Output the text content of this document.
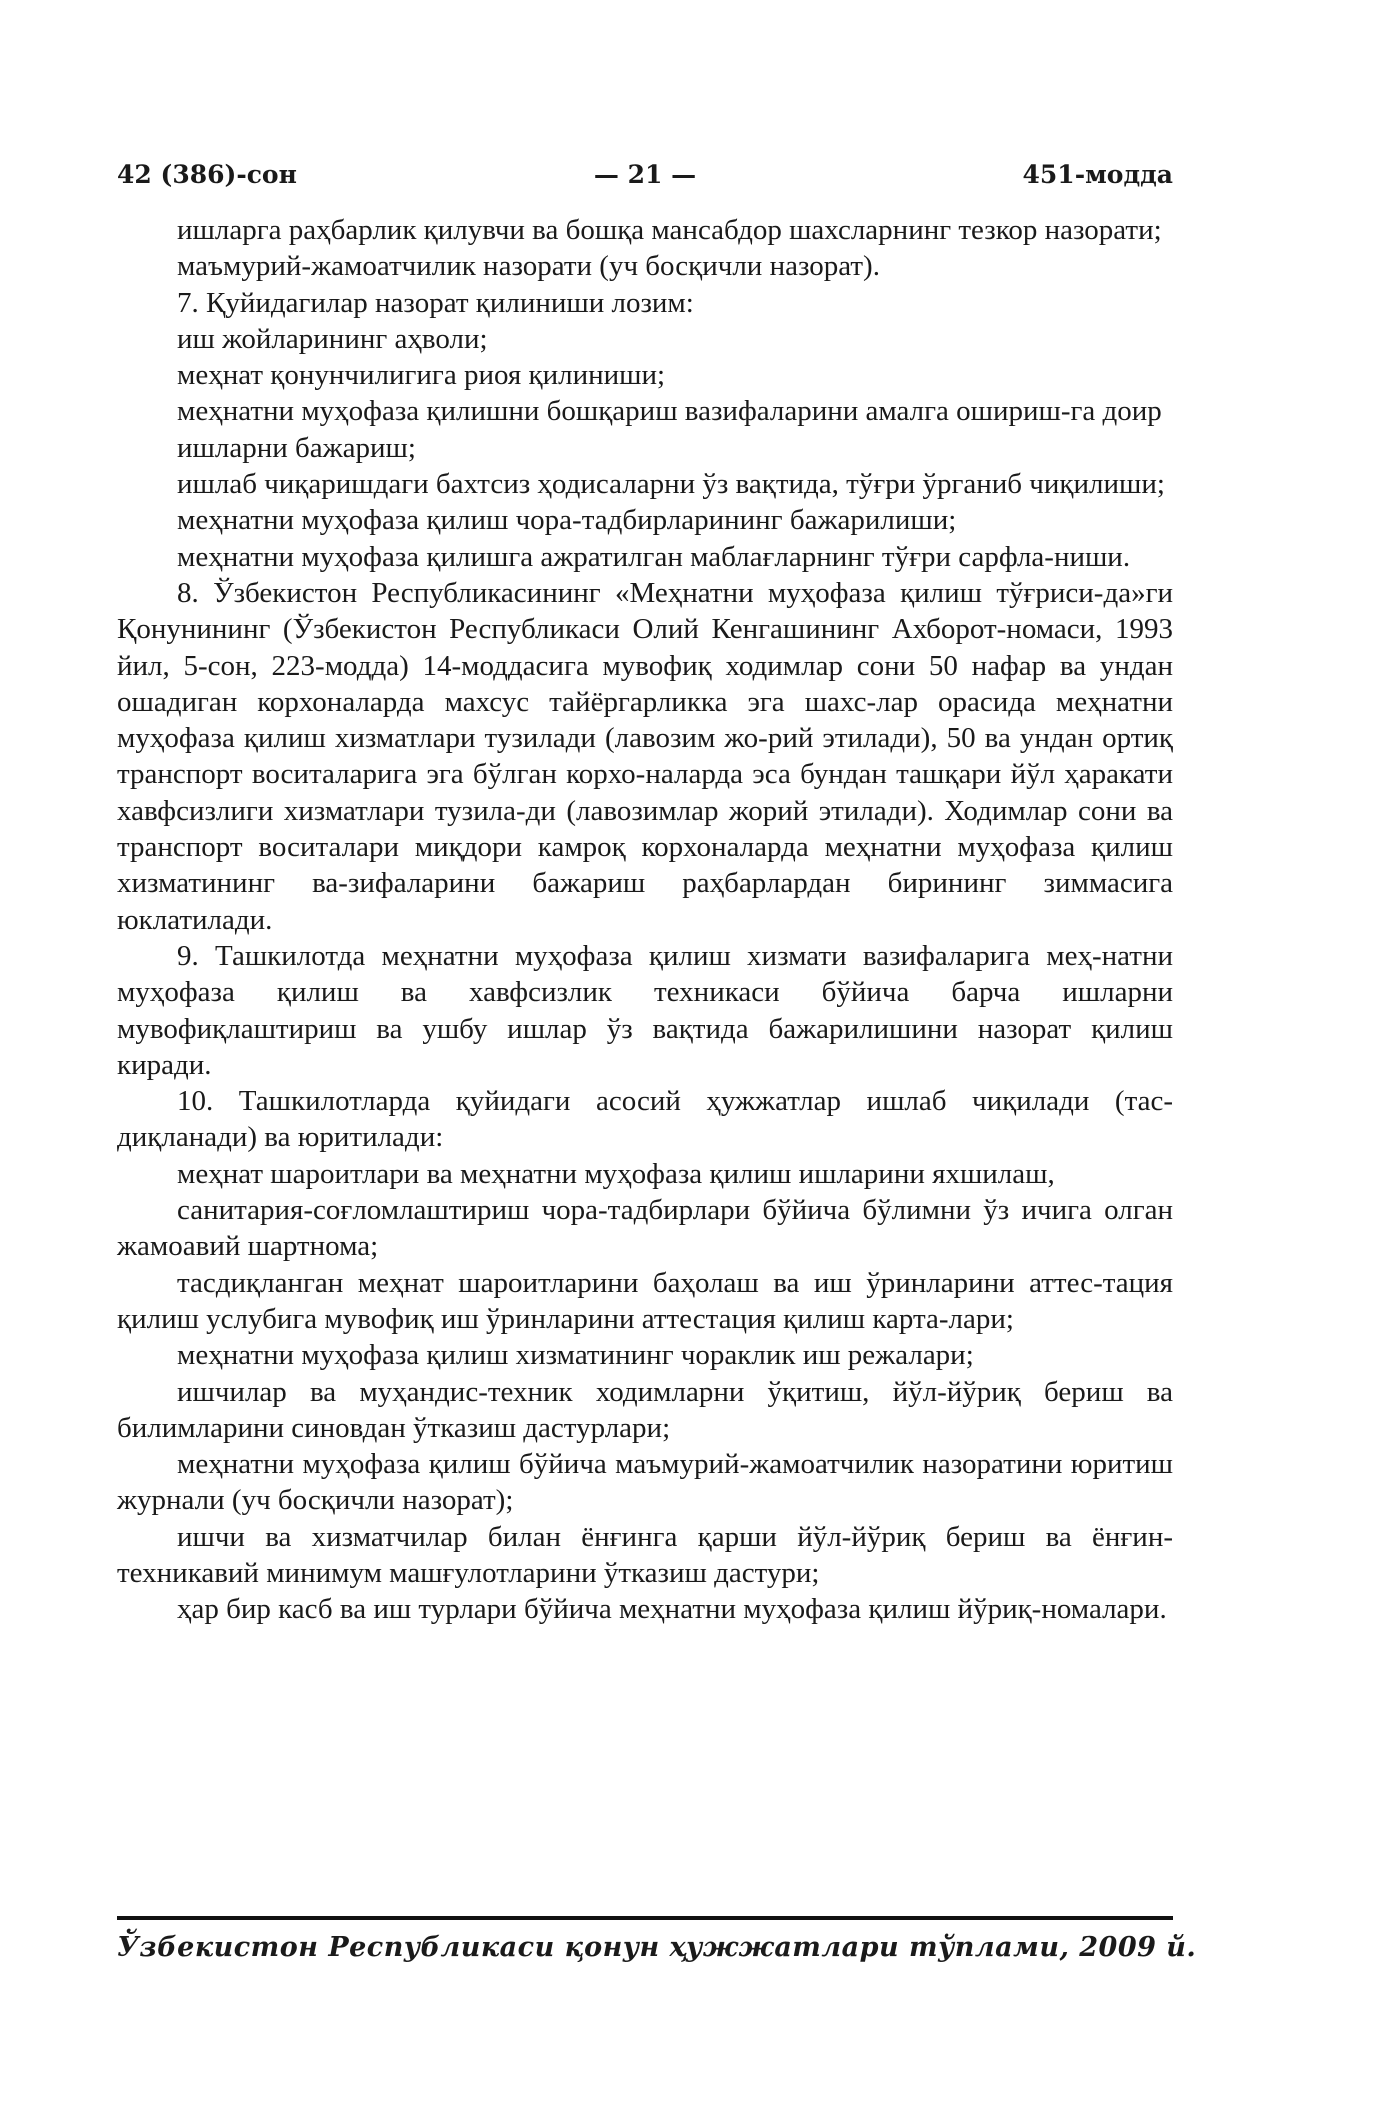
42 (386)-сон	— 21 —	451-модда

ишларга раҳбарлик қилувчи ва бошқа мансабдор шахсларнинг тезкор назорати;

маъмурий-жамоатчилик назорати (уч босқичли назорат).

7. Қуйидагилар назорат қилиниши лозим:

иш жойларининг аҳволи;

меҳнат қонунчилигига риоя қилиниши;

меҳнатни муҳофаза қилишни бошқариш вазифаларини амалга ошириш-га доир

ишларни бажариш;

ишлаб чиқаришдаги бахтсиз ҳодисаларни ўз вақтида, тўғри ўрганиб чиқилиши;

меҳнатни муҳофаза қилиш чора-тадбирларининг бажарилиши;

меҳнатни муҳофаза қилишга ажратилган маблағларнинг тўғри сарфла-ниши.

8. Ўзбекистон Республикасининг «Меҳнатни муҳофаза қилиш тўғриси-да»ги Қонунининг (Ўзбекистон Республикаси Олий Кенгашининг Ахборот-номаси, 1993 йил, 5-сон, 223-модда) 14-моддасига мувофиқ ходимлар сони 50 нафар ва ундан ошадиган корхоналарда махсус тайёргарликка эга шахс-лар орасида меҳнатни муҳофаза қилиш хизматлари тузилади (лавозим жо-рий этилади), 50 ва ундан ортиқ транспорт воситаларига эга бўлган корхо-наларда эса бундан ташқари йўл ҳаракати хавфсизлиги хизматлари тузила-ди (лавозимлар жорий этилади). Ходимлар сони ва транспорт воситалари миқдори камроқ корхоналарда меҳнатни муҳофаза қилиш хизматининг ва-зифаларини бажариш раҳбарлардан бирининг зиммасига юклатилади.

9. Ташкилотда меҳнатни муҳофаза қилиш хизмати вазифаларига меҳ-натни муҳофаза қилиш ва хавфсизлик техникаси бўйича барча ишларни мувофиқлаштириш ва ушбу ишлар ўз вақтида бажарилишини назорат қилиш киради.

10. Ташкилотларда қуйидаги асосий ҳужжатлар ишлаб чиқилади (тас-диқланади) ва юритилади:

меҳнат шароитлари ва меҳнатни муҳофаза қилиш ишларини яхшилаш,

санитария-соғломлаштириш чора-тадбирлари бўйича бўлимни ўз ичига олган жамоавий шартнома;

тасдиқланган меҳнат шароитларини баҳолаш ва иш ўринларини аттес-тация қилиш услубига мувофиқ иш ўринларини аттестация қилиш карта-лари;

меҳнатни муҳофаза қилиш хизматининг чораклик иш режалари;

ишчилар ва муҳандис-техник ходимларни ўқитиш, йўл-йўриқ бериш ва билимларини синовдан ўтказиш дастурлари;

меҳнатни муҳофаза қилиш бўйича маъмурий-жамоатчилик назоратини юритиш журнали (уч босқичли назорат);

ишчи ва хизматчилар билан ёнғинга қарши йўл-йўриқ бериш ва ёнғин-техникавий минимум машғулотларини ўтказиш дастури;

ҳар бир касб ва иш турлари бўйича меҳнатни муҳофаза қилиш йўриқ-номалари.

Ўзбекистон Республикаси қонун ҳужжатлари тўплами, 2009 й.
